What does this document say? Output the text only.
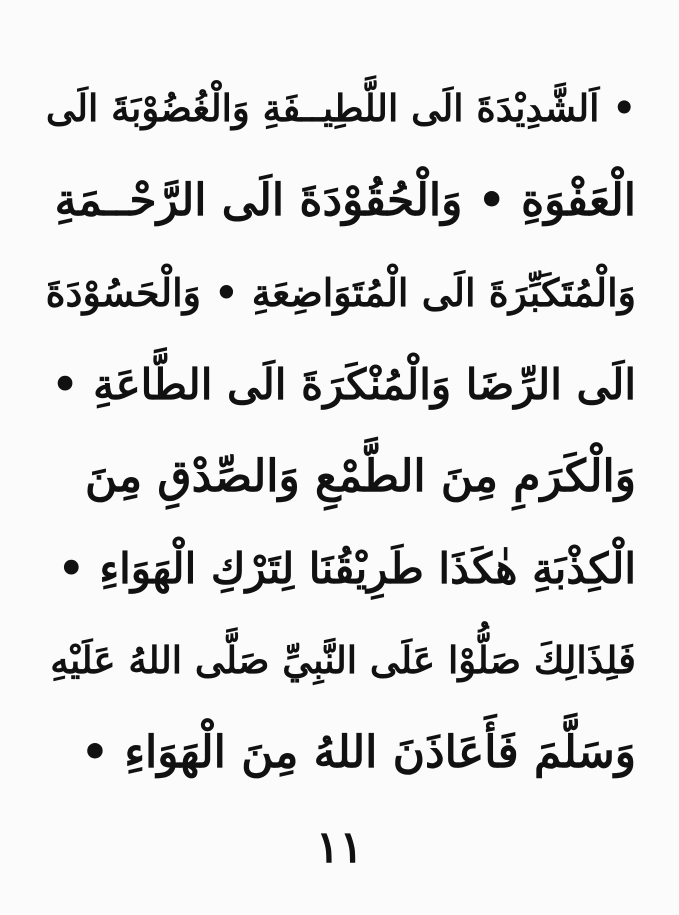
• اَلشَّدِيْدَةَ الَى اللَّطِيــفَةِ وَالْغُضُوْبَةَ الَى
الْعَفْوَةِ • وَالْحُقُوْدَةَ الَى الرَّحْــمَةِ
وَالْمُتَكَبِّرَةَ الَى الْمُتَوَاضِعَةِ • وَالْحَسُوْدَةَ
الَى الرِّضَا وَالْمُنْكَرَةَ الَى الطَّاعَةِ •
وَالْكَرَمِ مِنَ الطَّمْعِ وَالصِّدْقِ مِنَ
الْكِذْبَةِ هٰكَذَا طَرِيْقُنَا لِتَرْكِ الْهَوَاءِ •
فَلِذَالِكَ صَلُّوْا عَلَى النَّبِيِّ صَلَّى اللهُ عَلَيْهِ
وَسَلَّمَ فَأَعَاذَنَ اللهُ مِنَ الْهَوَاءِ •
١١
